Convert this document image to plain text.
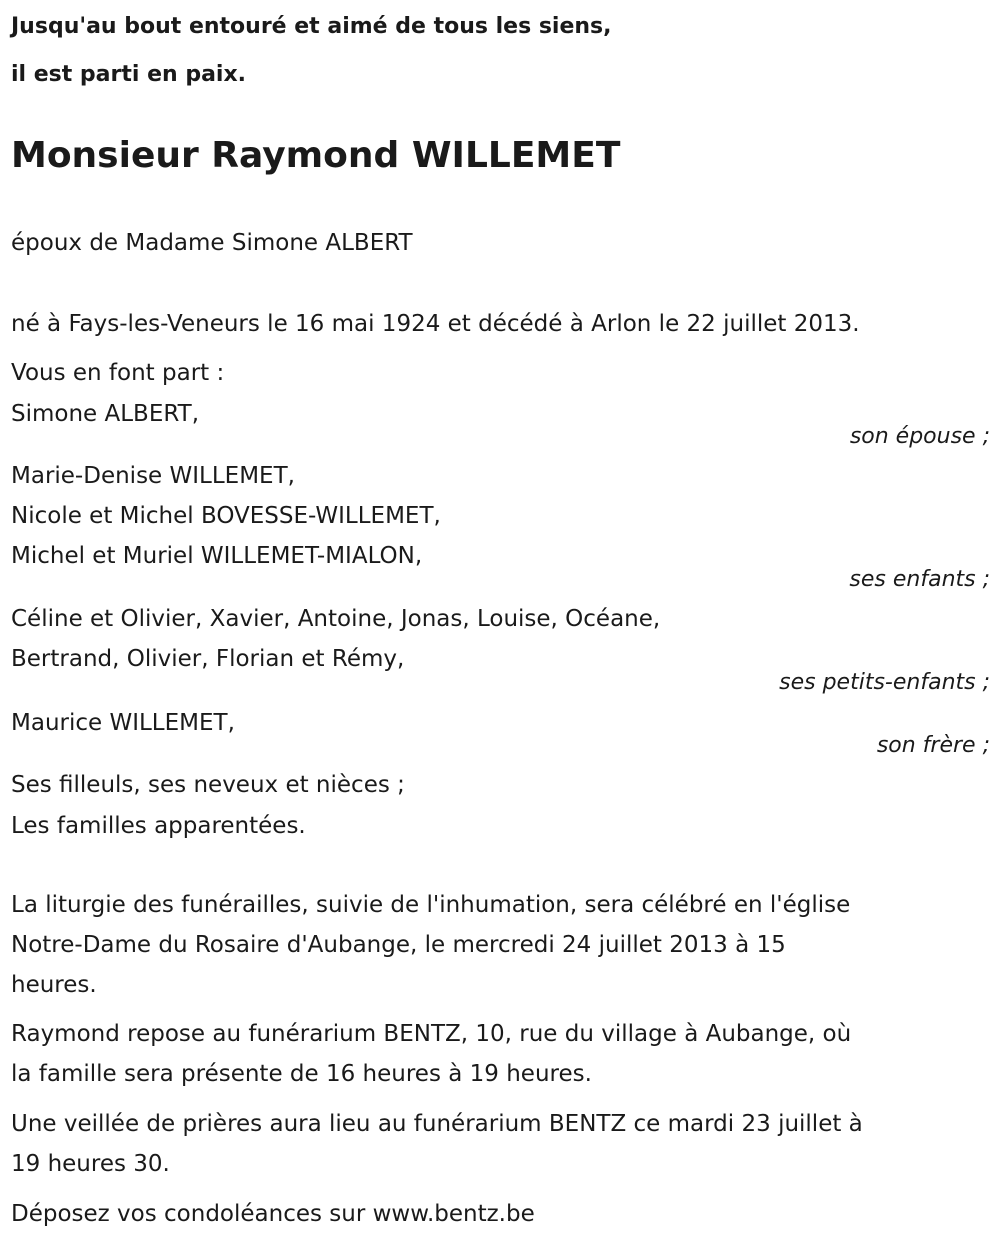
Jusqu'au bout entouré et aimé de tous les siens,
il est parti en paix.
Monsieur Raymond WILLEMET
époux de Madame Simone ALBERT
né à Fays-les-Veneurs le 16 mai 1924 et décédé à Arlon le 22 juillet 2013.
Vous en font part :
Simone ALBERT,
son épouse ;
Marie-Denise WILLEMET,
Nicole et Michel BOVESSE-WILLEMET,
Michel et Muriel WILLEMET-MIALON,
ses enfants ;
Céline et Olivier, Xavier, Antoine, Jonas, Louise, Océane,
Bertrand, Olivier, Florian et Rémy,
ses petits-enfants ;
Maurice WILLEMET,
son frère ;
Ses filleuls, ses neveux et nièces ;
Les familles apparentées.
La liturgie des funérailles, suivie de l'inhumation, sera célébré en l'église
Notre-Dame du Rosaire d'Aubange, le mercredi 24 juillet 2013 à 15
heures.
Raymond repose au funérarium BENTZ, 10, rue du village à Aubange, où
la famille sera présente de 16 heures à 19 heures.
Une veillée de prières aura lieu au funérarium BENTZ ce mardi 23 juillet à
19 heures 30.
Déposez vos condoléances sur www.bentz.be
